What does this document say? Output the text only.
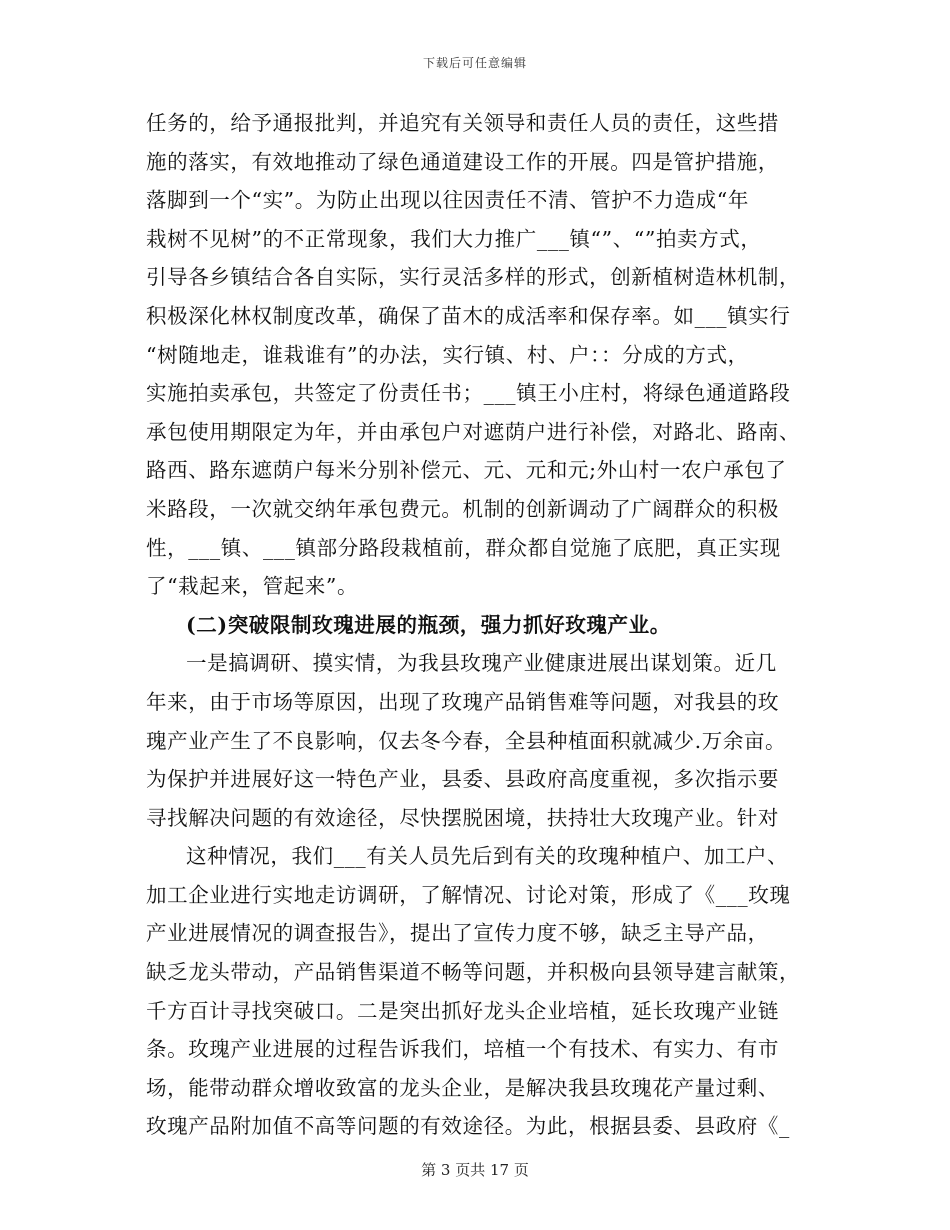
下载后可任意编辑
任务的，给予通报批判，并追究有关领导和责任人员的责任，这些措
施的落实，有效地推动了绿色通道建设工作的开展。四是管护措施，
落脚到一个“实”。为防止出现以往因责任不清、管护不力造成“年
栽树不见树”的不正常现象，我们大力推广___镇“”、“”拍卖方式，
引导各乡镇结合各自实际，实行灵活多样的形式，创新植树造林机制，
积极深化林权制度改革，确保了苗木的成活率和保存率。如___镇实行
“树随地走，谁栽谁有”的办法，实行镇、村、户：：分成的方式，
实施拍卖承包，共签定了份责任书；___镇王小庄村，将绿色通道路段
承包使用期限定为年，并由承包户对遮荫户进行补偿，对路北、路南、
路西、路东遮荫户每米分别补偿元、元、元和元;外山村一农户承包了
米路段，一次就交纳年承包费元。机制的创新调动了广阔群众的积极
性，___镇、___镇部分路段栽植前，群众都自觉施了底肥，真正实现
了“栽起来，管起来”。
(二)突破限制玫瑰进展的瓶颈，强力抓好玫瑰产业。
一是搞调研、摸实情，为我县玫瑰产业健康进展出谋划策。近几
年来，由于市场等原因，出现了玫瑰产品销售难等问题，对我县的玫
瑰产业产生了不良影响，仅去冬今春，全县种植面积就减少.万余亩。
为保护并进展好这一特色产业，县委、县政府高度重视，多次指示要
寻找解决问题的有效途径，尽快摆脱困境，扶持壮大玫瑰产业。针对
这种情况，我们___有关人员先后到有关的玫瑰种植户、加工户、
加工企业进行实地走访调研，了解情况、讨论对策，形成了《___玫瑰
产业进展情况的调查报告》，提出了宣传力度不够，缺乏主导产品，
缺乏龙头带动，产品销售渠道不畅等问题，并积极向县领导建言献策，
千方百计寻找突破口。二是突出抓好龙头企业培植，延长玫瑰产业链
条。玫瑰产业进展的过程告诉我们，培植一个有技术、有实力、有市
场，能带动群众增收致富的龙头企业，是解决我县玫瑰花产量过剩、
玫瑰产品附加值不高等问题的有效途径。为此，根据县委、县政府《_
第 3 页共 17 页
